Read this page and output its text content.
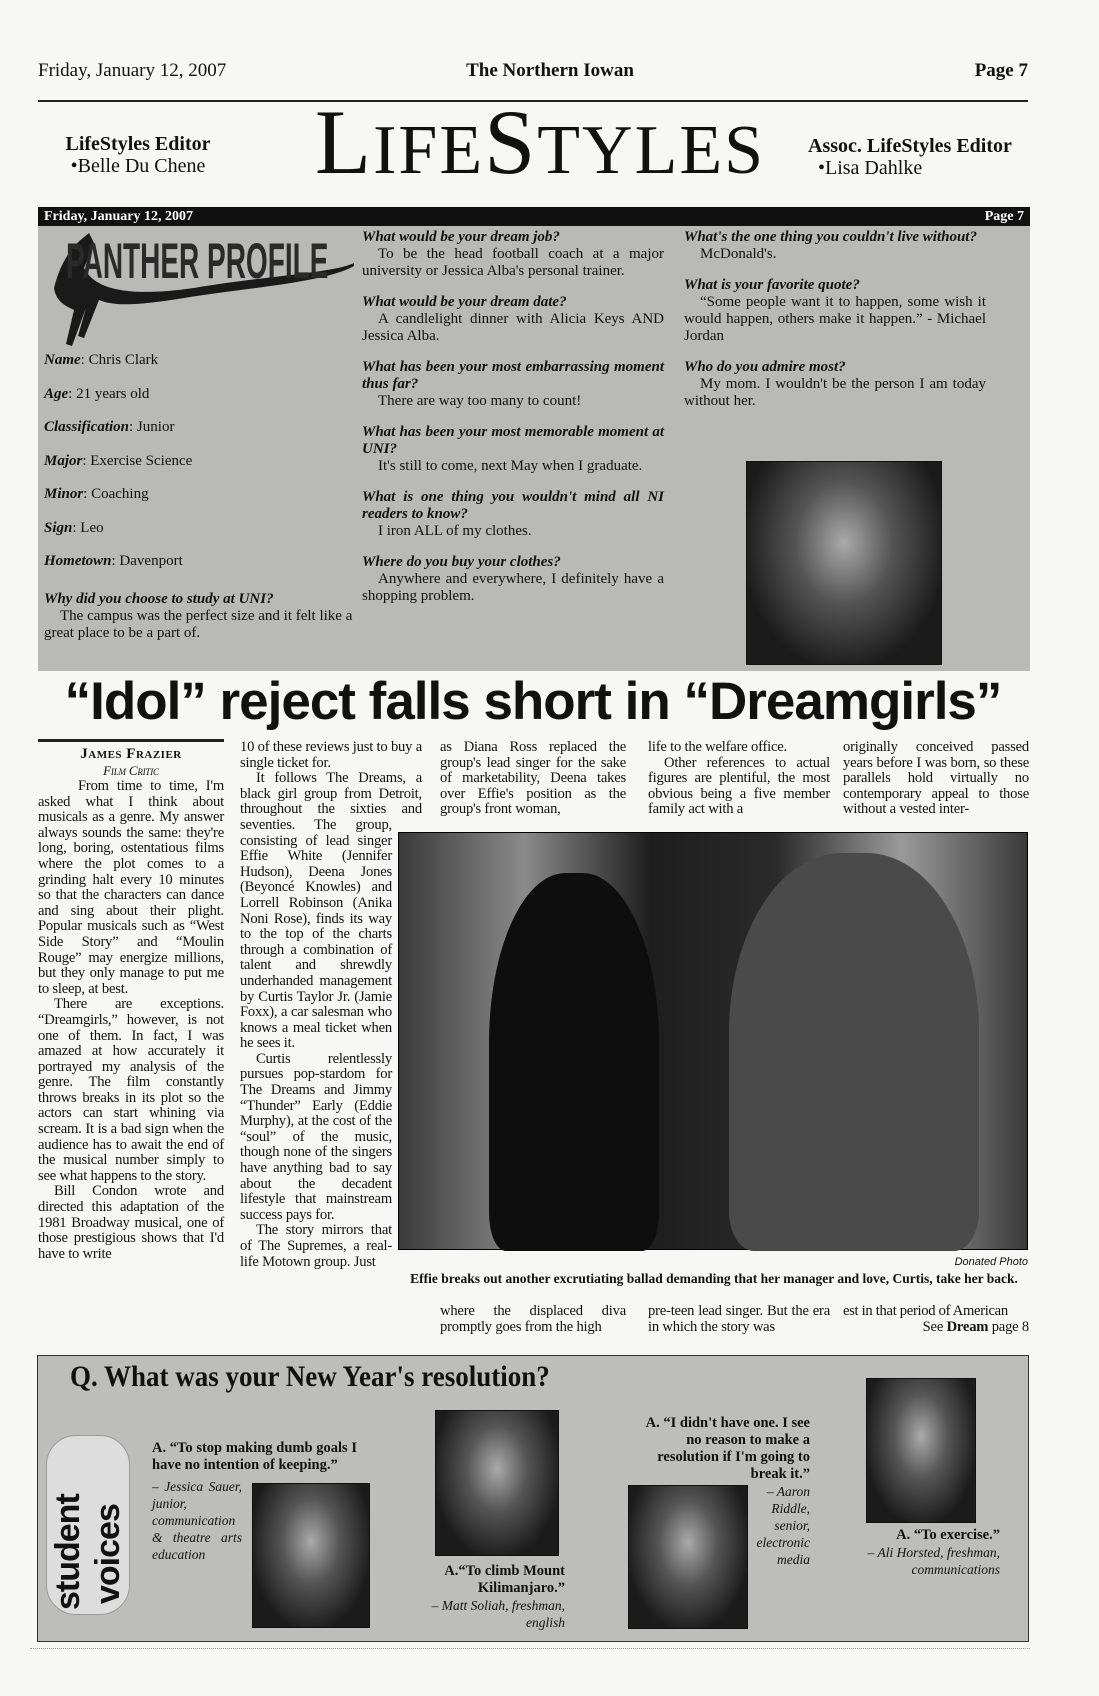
Friday, January 12, 2007	The Northern Iowan	Page 7
LifeStyles Editor
•Belle Du Chene	LIFESTYLES	Assoc. LifeStyles Editor
•Lisa Dahlke
Friday, January 12, 2007	Page 7
PANTHER PROFILE
Name: Chris Clark
Age: 21 years old
Classification: Junior
Major: Exercise Science
Minor: Coaching
Sign: Leo
Hometown: Davenport
Why did you choose to study at UNI?
The campus was the perfect size and it felt like a great place to be a part of.
What would be your dream job?
To be the head football coach at a major university or Jessica Alba's personal trainer.
What would be your dream date?
A candlelight dinner with Alicia Keys AND Jessica Alba.
What has been your most embarrassing moment thus far?
There are way too many to count!
What has been your most memorable moment at UNI?
It's still to come, next May when I graduate.
What is one thing you wouldn't mind all NI readers to know?
I iron ALL of my clothes.
Where do you buy your clothes?
Anywhere and everywhere, I definitely have a shopping problem.
What's the one thing you couldn't live without?
McDonald's.
What is your favorite quote?
“Some people want it to happen, some wish it would happen, others make it happen.” - Michael Jordan
Who do you admire most?
My mom. I wouldn't be the person I am today without her.
“Idol” reject falls short in “Dreamgirls”
James Frazier
Film Critic

From time to time, I'm asked what I think about musicals as a genre. My answer always sounds the same: they're long, boring, ostentatious films where the plot comes to a grinding halt every 10 minutes so that the characters can dance and sing about their plight. Popular musicals such as “West Side Story” and “Moulin Rouge” may energize millions, but they only manage to put me to sleep, at best.

There are exceptions. “Dreamgirls,” however, is not one of them. In fact, I was amazed at how accurately it portrayed my analysis of the genre. The film constantly throws breaks in its plot so the actors can start whining via scream. It is a bad sign when the audience has to await the end of the musical number simply to see what happens to the story.

Bill Condon wrote and directed this adaptation of the 1981 Broadway musical, one of those prestigious shows that I'd have to write

10 of these reviews just to buy a single ticket for.

It follows The Dreams, a black girl group from Detroit, throughout the sixties and seventies. The group, consisting of lead singer Effie White (Jennifer Hudson), Deena Jones (Beyoncé Knowles) and Lorrell Robinson (Anika Noni Rose), finds its way to the top of the charts through a combination of talent and shrewdly underhanded management by Curtis Taylor Jr. (Jamie Foxx), a car salesman who knows a meal ticket when he sees it.

Curtis relentlessly pursues pop-stardom for The Dreams and Jimmy “Thunder” Early (Eddie Murphy), at the cost of the “soul” of the music, though none of the singers have anything bad to say about the decadent lifestyle that mainstream success pays for.

The story mirrors that of The Supremes, a real-life Motown group. Just

as Diana Ross replaced the group's lead singer for the sake of marketability, Deena takes over Effie's position as the group's front woman,

life to the welfare office.

Other references to actual figures are plentiful, the most obvious being a five member family act with a

originally conceived passed years before I was born, so these parallels hold virtually no contemporary appeal to those without a vested inter-

Donated Photo
Effie breaks out another excrutiating ballad demanding that her manager and love, Curtis, take her back.

where the displaced diva promptly goes from the high

pre-teen lead singer. But the era in which the story was

est in that period of American

See Dream page 8
Q. What was your New Year's resolution?
student voices
A. “To stop making dumb goals I have no intention of keeping.”
– Jessica Sauer, junior, communication & theatre arts education
A.“To climb Mount Kilimanjaro.”
– Matt Soliah, freshman, english
A. “I didn't have one. I see no reason to make a resolution if I'm going to break it.”
– Aaron Riddle, senior, electronic media
A. “To exercise.”
– Ali Horsted, freshman, communications
